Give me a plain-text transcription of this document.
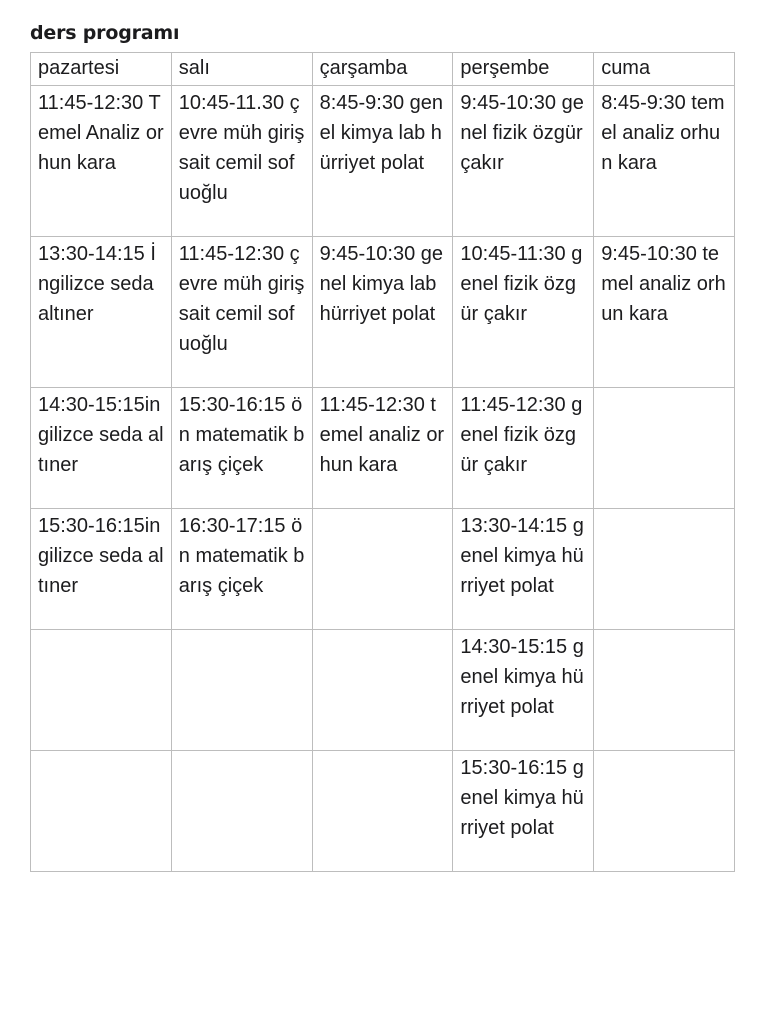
ders programı
pazartesi	salı	çarşamba	perşembe	cuma
11:45-12:30 Temel Analiz orhun kara	10:45-11.30 çevre müh giriş sait cemil sofuoğlu	8:45-9:30 genel kimya lab hürriyet polat	9:45-10:30 genel fizik özgür çakır	8:45-9:30 temel analiz orhun kara
13:30-14:15 İngilizce seda altıner	11:45-12:30 çevre müh giriş sait cemil sofuoğlu	9:45-10:30 genel kimya lab hürriyet polat	10:45-11:30 genel fizik özgür çakır	9:45-10:30 temel analiz orhun kara
14:30-15:15ingilizce seda altıner	15:30-16:15 ön matematik barış çiçek	11:45-12:30 temel analiz orhun kara	11:45-12:30 genel fizik özgür çakır	
15:30-16:15ingilizce seda altıner	16:30-17:15 ön matematik barış çiçek		13:30-14:15 genel kimya hürriyet polat	
			14:30-15:15 genel kimya hürriyet polat	
			15:30-16:15 genel kimya hürriyet polat	
